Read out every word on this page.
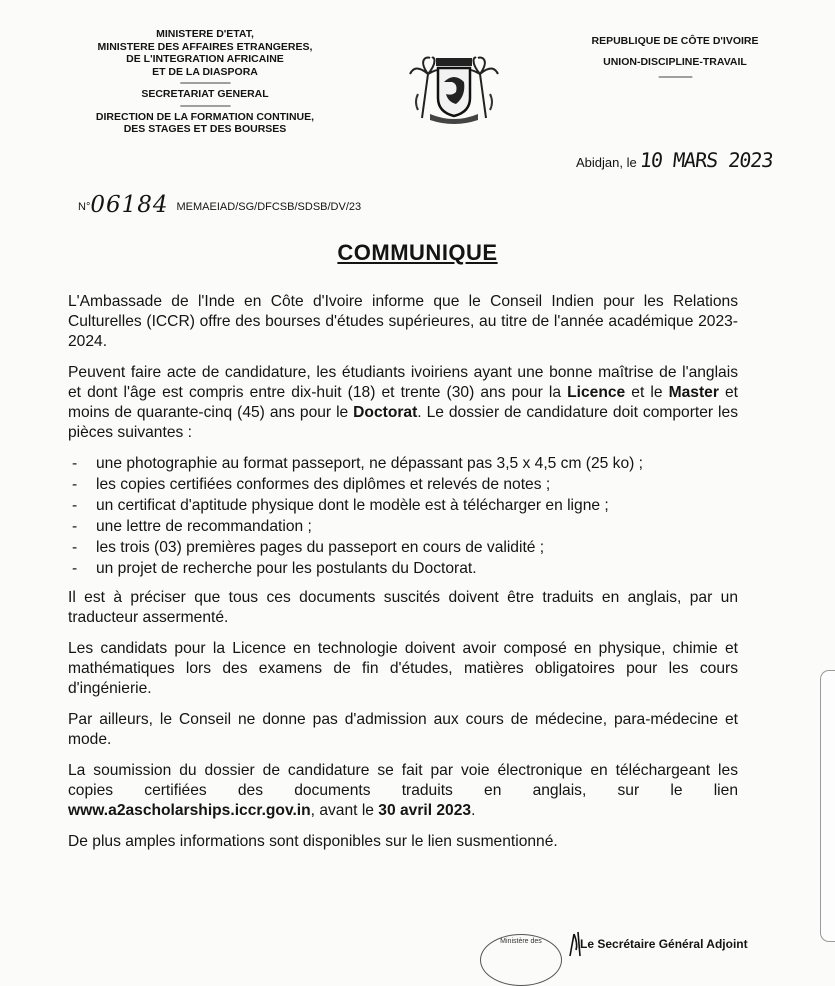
MINISTERE D'ETAT,
MINISTERE DES AFFAIRES ETRANGERES,
DE L'INTEGRATION AFRICAINE
ET DE LA DIASPORA
------------------------------
SECRETARIAT GENERAL
------------------------------
DIRECTION DE LA FORMATION CONTINUE,
DES STAGES ET DES BOURSES
REPUBLIQUE DE CÔTE D'IVOIRE
UNION-DISCIPLINE-TRAVAIL
--------------------
Abidjan, le 10 MARS 2023
N°06184 MEMAEIAD/SG/DFCSB/SDSB/DV/23
COMMUNIQUE

L'Ambassade de l'Inde en Côte d'Ivoire informe que le Conseil Indien pour les Relations Culturelles (ICCR) offre des bourses d'études supérieures, au titre de l'année académique 2023-2024.

Peuvent faire acte de candidature, les étudiants ivoiriens ayant une bonne maîtrise de l'anglais et dont l'âge est compris entre dix-huit (18) et trente (30) ans pour la Licence et le Master et moins de quarante-cinq (45) ans pour le Doctorat. Le dossier de candidature doit comporter les pièces suivantes :

- une photographie au format passeport, ne dépassant pas 3,5 x 4,5 cm (25 ko) ;
- les copies certifiées conformes des diplômes et relevés de notes ;
- un certificat d'aptitude physique dont le modèle est à télécharger en ligne ;
- une lettre de recommandation ;
- les trois (03) premières pages du passeport en cours de validité ;
- un projet de recherche pour les postulants du Doctorat.

Il est à préciser que tous ces documents suscités doivent être traduits en anglais, par un traducteur assermenté.

Les candidats pour la Licence en technologie doivent avoir composé en physique, chimie et mathématiques lors des examens de fin d'études, matières obligatoires pour les cours d'ingénierie.

Par ailleurs, le Conseil ne donne pas d'admission aux cours de médecine, para-médecine et mode.

La soumission du dossier de candidature se fait par voie électronique en téléchargeant les copies certifiées des documents traduits en anglais, sur le lien www.a2ascholarships.iccr.gov.in, avant le 30 avril 2023.

De plus amples informations sont disponibles sur le lien susmentionné.

Ministère des	Le Secrétaire Général Adjoint
